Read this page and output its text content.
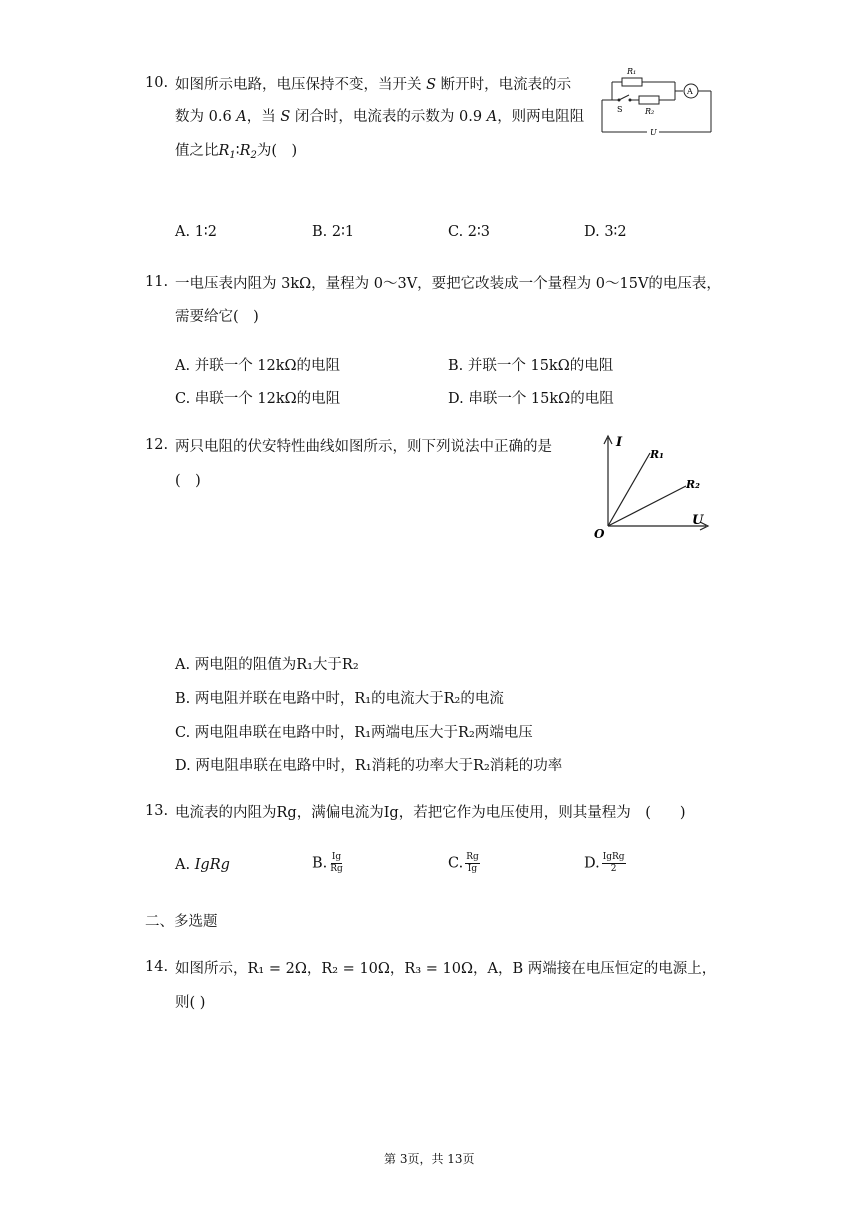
10. 如图所示电路，电压保持不变，当开关 S 断开时，电流表的示
数为 0.6 A，当 S 闭合时，电流表的示数为 0.9 A，则两电阻阻
值之比$R_1∶R_2$为(　)
R₁
R₂
S
A
U
A. 1∶2	B. 2∶1	C. 2∶3	D. 3∶2
11. 一电压表内阻为 3kΩ，量程为 0～3V，要把它改装成一个量程为 0～15V的电压表，
需要给它(　)
A. 并联一个 12kΩ的电阻	B. 并联一个 15kΩ的电阻
C. 串联一个 12kΩ的电阻	D. 串联一个 15kΩ的电阻
12. 两只电阻的伏安特性曲线如图所示，则下列说法中正确的是
(　)
I
U
O
R₁
R₂
A. 两电阻的阻值为R₁大于R₂
B. 两电阻并联在电路中时，R₁的电流大于R₂的电流
C. 两电阻串联在电路中时，R₁两端电压大于R₂两端电压
D. 两电阻串联在电路中时，R₁消耗的功率大于R₂消耗的功率
13. 电流表的内阻为Rg，满偏电流为Ig，若把它作为电压使用，则其量程为　(　　)
A. IgRg	B. $\frac{Ig}{Rg}$	C. $\frac{Rg}{Ig}$	D. $\frac{\text{IgRg}}{2}$
二、多选题
14. 如图所示，R₁ = 2Ω，R₂ = 10Ω，R₃ = 10Ω，A，B 两端接在电压恒定的电源上，
则( )
第 3页，共 13页
